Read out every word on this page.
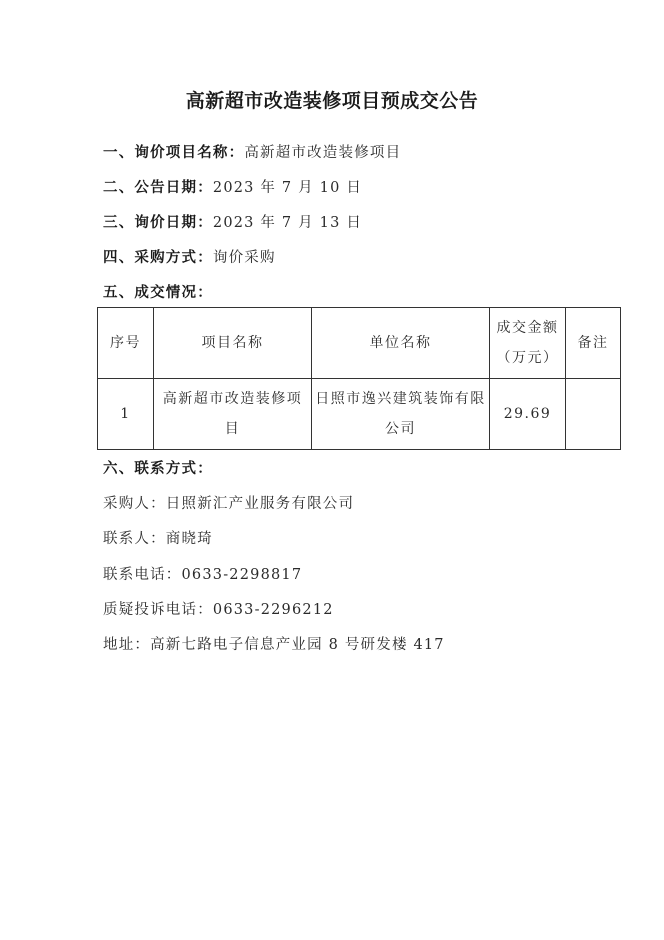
高新超市改造装修项目预成交公告
一、询价项目名称：高新超市改造装修项目
二、公告日期：2023 年 7 月 10 日
三、询价日期：2023 年 7 月 13 日
四、采购方式：询价采购
五、成交情况：
序号	项目名称	单位名称	成交金额（万元）	备注
1	高新超市改造装修项目	日照市逸兴建筑装饰有限公司	29.69	
六、联系方式：
采购人：日照新汇产业服务有限公司
联系人：商晓琦
联系电话：0633-2298817
质疑投诉电话：0633-2296212
地址：高新七路电子信息产业园 8 号研发楼 417
